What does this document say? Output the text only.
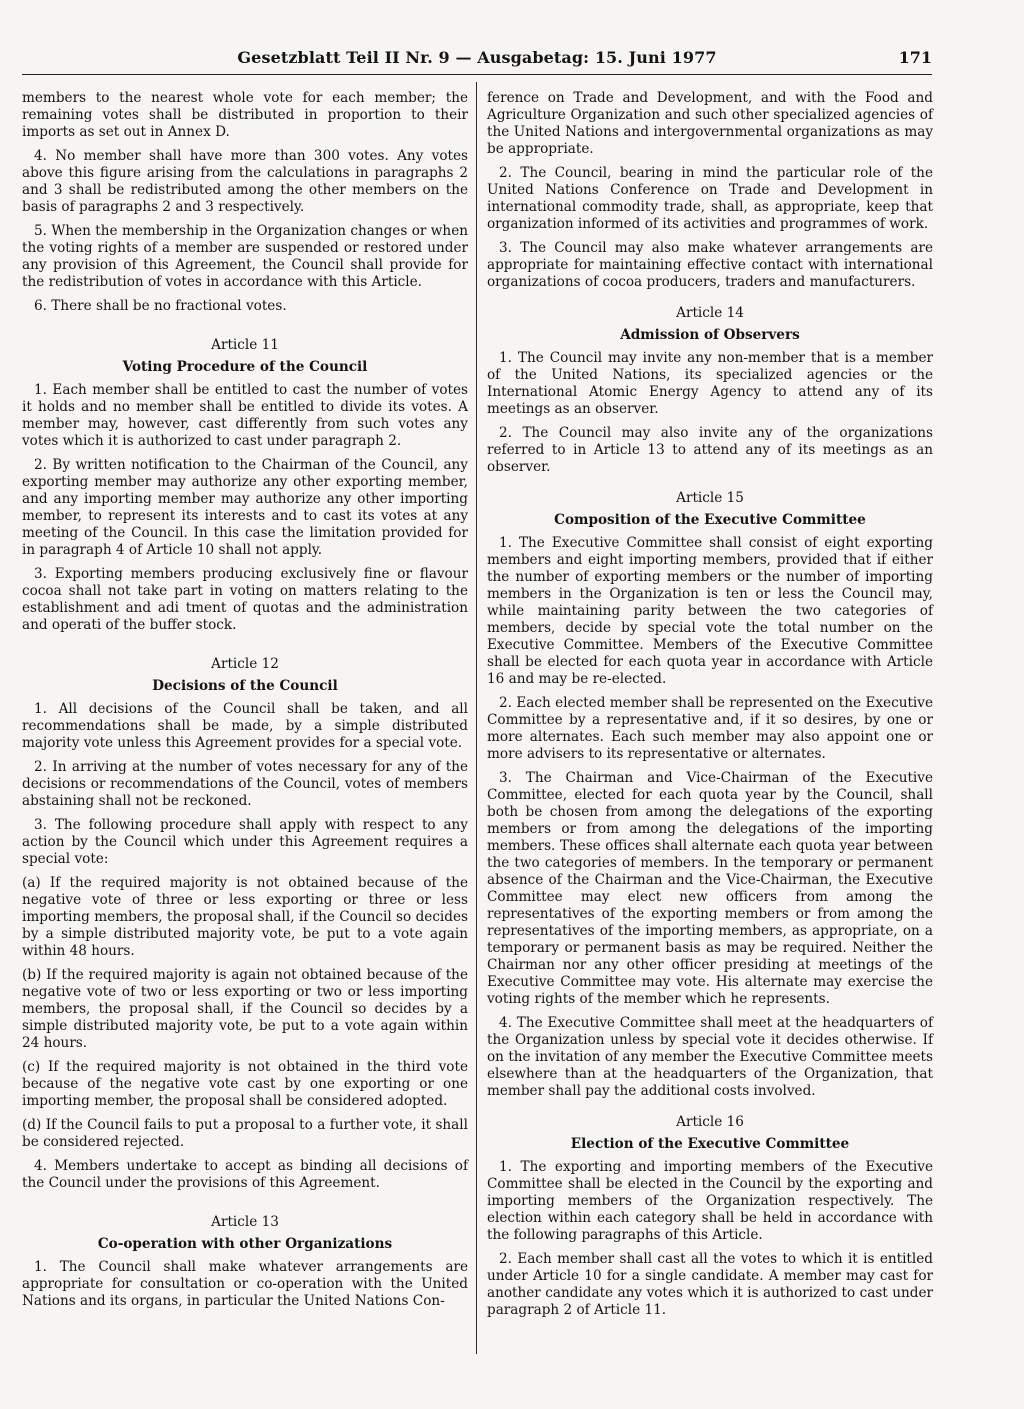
Gesetzblatt Teil II Nr. 9 — Ausgabetag: 15. Juni 1977	171

members to the nearest whole vote for each member; the remaining votes shall be distributed in proportion to their imports as set out in Annex D.

4. No member shall have more than 300 votes. Any votes above this figure arising from the calculations in paragraphs 2 and 3 shall be redistributed among the other members on the basis of paragraphs 2 and 3 respectively.

5. When the membership in the Organization changes or when the voting rights of a member are suspended or restored under any provision of this Agreement, the Council shall provide for the redistribution of votes in accordance with this Article.

6. There shall be no fractional votes.

Article 11
Voting Procedure of the Council

1. Each member shall be entitled to cast the number of votes it holds and no member shall be entitled to divide its votes. A member may, however, cast differently from such votes any votes which it is authorized to cast under paragraph 2.

2. By written notification to the Chairman of the Council, any exporting member may authorize any other exporting member, and any importing member may authorize any other importing member, to represent its interests and to cast its votes at any meeting of the Council. In this case the limitation provided for in paragraph 4 of Article 10 shall not apply.

3. Exporting members producing exclusively fine or flavour cocoa shall not take part in voting on matters relating to the establishment and adi tment of quotas and the administration and operati of the buffer stock.

Article 12
Decisions of the Council

1. All decisions of the Council shall be taken, and all recommendations shall be made, by a simple distributed majority vote unless this Agreement provides for a special vote.

2. In arriving at the number of votes necessary for any of the decisions or recommendations of the Council, votes of members abstaining shall not be reckoned.

3. The following procedure shall apply with respect to any action by the Council which under this Agreement requires a special vote:

(a) If the required majority is not obtained because of the negative vote of three or less exporting or three or less importing members, the proposal shall, if the Council so decides by a simple distributed majority vote, be put to a vote again within 48 hours.

(b) If the required majority is again not obtained because of the negative vote of two or less exporting or two or less importing members, the proposal shall, if the Council so decides by a simple distributed majority vote, be put to a vote again within 24 hours.

(c) If the required majority is not obtained in the third vote because of the negative vote cast by one exporting or one importing member, the proposal shall be considered adopted.

(d) If the Council fails to put a proposal to a further vote, it shall be considered rejected.

4. Members undertake to accept as binding all decisions of the Council under the provisions of this Agreement.

Article 13
Co-operation with other Organizations

1. The Council shall make whatever arrangements are appropriate for consultation or co-operation with the United Nations and its organs, in particular the United Nations Con-

ference on Trade and Development, and with the Food and Agriculture Organization and such other specialized agencies of the United Nations and intergovernmental organizations as may be appropriate.

2. The Council, bearing in mind the particular role of the United Nations Conference on Trade and Development in international commodity trade, shall, as appropriate, keep that organization informed of its activities and programmes of work.

3. The Council may also make whatever arrangements are appropriate for maintaining effective contact with international organizations of cocoa producers, traders and manufacturers.

Article 14
Admission of Observers

1. The Council may invite any non-member that is a member of the United Nations, its specialized agencies or the International Atomic Energy Agency to attend any of its meetings as an observer.

2. The Council may also invite any of the organizations referred to in Article 13 to attend any of its meetings as an observer.

Article 15
Composition of the Executive Committee

1. The Executive Committee shall consist of eight exporting members and eight importing members, provided that if either the number of exporting members or the number of importing members in the Organization is ten or less the Council may, while maintaining parity between the two categories of members, decide by special vote the total number on the Executive Committee. Members of the Executive Committee shall be elected for each quota year in accordance with Article 16 and may be re-elected.

2. Each elected member shall be represented on the Executive Committee by a representative and, if it so desires, by one or more alternates. Each such member may also appoint one or more advisers to its representative or alternates.

3. The Chairman and Vice-Chairman of the Executive Committee, elected for each quota year by the Council, shall both be chosen from among the delegations of the exporting members or from among the delegations of the importing members. These offices shall alternate each quota year between the two categories of members. In the temporary or permanent absence of the Chairman and the Vice-Chairman, the Executive Committee may elect new officers from among the representatives of the exporting members or from among the representatives of the importing members, as appropriate, on a temporary or permanent basis as may be required. Neither the Chairman nor any other officer presiding at meetings of the Executive Committee may vote. His alternate may exercise the voting rights of the member which he represents.

4. The Executive Committee shall meet at the headquarters of the Organization unless by special vote it decides otherwise. If on the invitation of any member the Executive Committee meets elsewhere than at the headquarters of the Organization, that member shall pay the additional costs involved.

Article 16
Election of the Executive Committee

1. The exporting and importing members of the Executive Committee shall be elected in the Council by the exporting and importing members of the Organization respectively. The election within each category shall be held in accordance with the following paragraphs of this Article.

2. Each member shall cast all the votes to which it is entitled under Article 10 for a single candidate. A member may cast for another candidate any votes which it is authorized to cast under paragraph 2 of Article 11.
